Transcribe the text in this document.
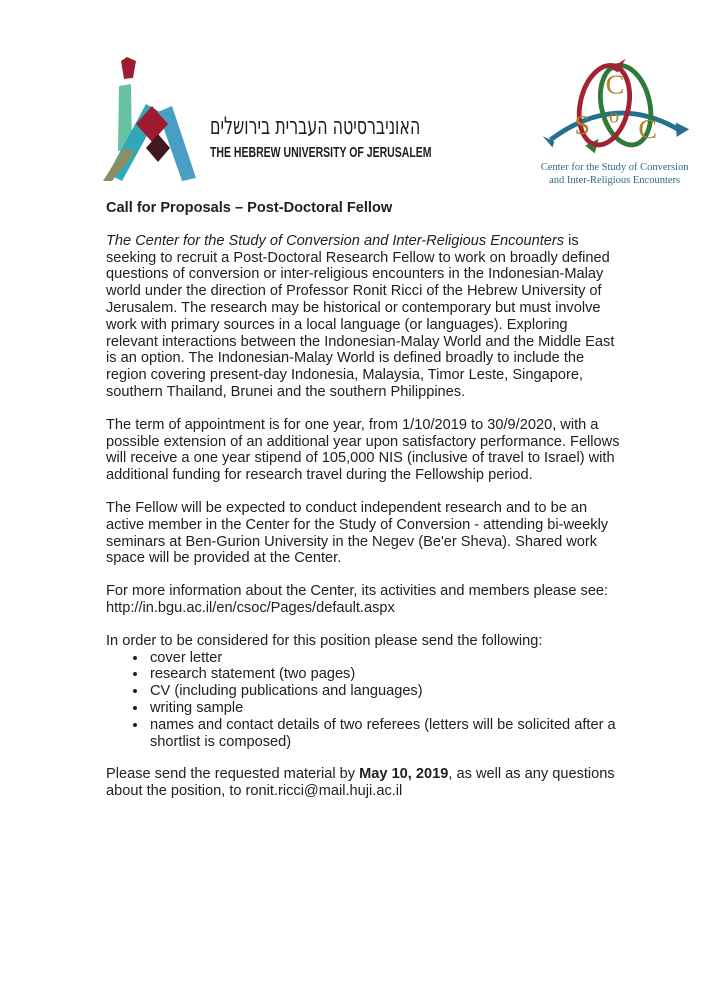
האוניברסיטה העברית בירושלים
THE HEBREW UNIVERSITY OF JERUSALEM
C
S o C
Center for the Study of Conversion
and Inter-Religious Encounters
Call for Proposals – Post-Doctoral Fellow

The Center for the Study of Conversion and Inter-Religious Encounters is seeking to recruit a Post-Doctoral Research Fellow to work on broadly defined questions of conversion or inter-religious encounters in the Indonesian-Malay world under the direction of Professor Ronit Ricci of the Hebrew University of Jerusalem. The research may be historical or contemporary but must involve work with primary sources in a local language (or languages). Exploring relevant interactions between the Indonesian-Malay World and the Middle East is an option. The Indonesian-Malay World is defined broadly to include the region covering present-day Indonesia, Malaysia, Timor Leste, Singapore, southern Thailand, Brunei and the southern Philippines.

The term of appointment is for one year, from 1/10/2019 to 30/9/2020, with a possible extension of an additional year upon satisfactory performance. Fellows will receive a one year stipend of 105,000 NIS (inclusive of travel to Israel) with additional funding for research travel during the Fellowship period.

The Fellow will be expected to conduct independent research and to be an active member in the Center for the Study of Conversion - attending bi-weekly seminars at Ben-Gurion University in the Negev (Be'er Sheva). Shared work space will be provided at the Center.

For more information about the Center, its activities and members please see:
http://in.bgu.ac.il/en/csoc/Pages/default.aspx

In order to be considered for this position please send the following:

• cover letter
• research statement (two pages)
• CV (including publications and languages)
• writing sample
• names and contact details of two referees (letters will be solicited after a shortlist is composed)

Please send the requested material by May 10, 2019, as well as any questions about the position, to ronit.ricci@mail.huji.ac.il
